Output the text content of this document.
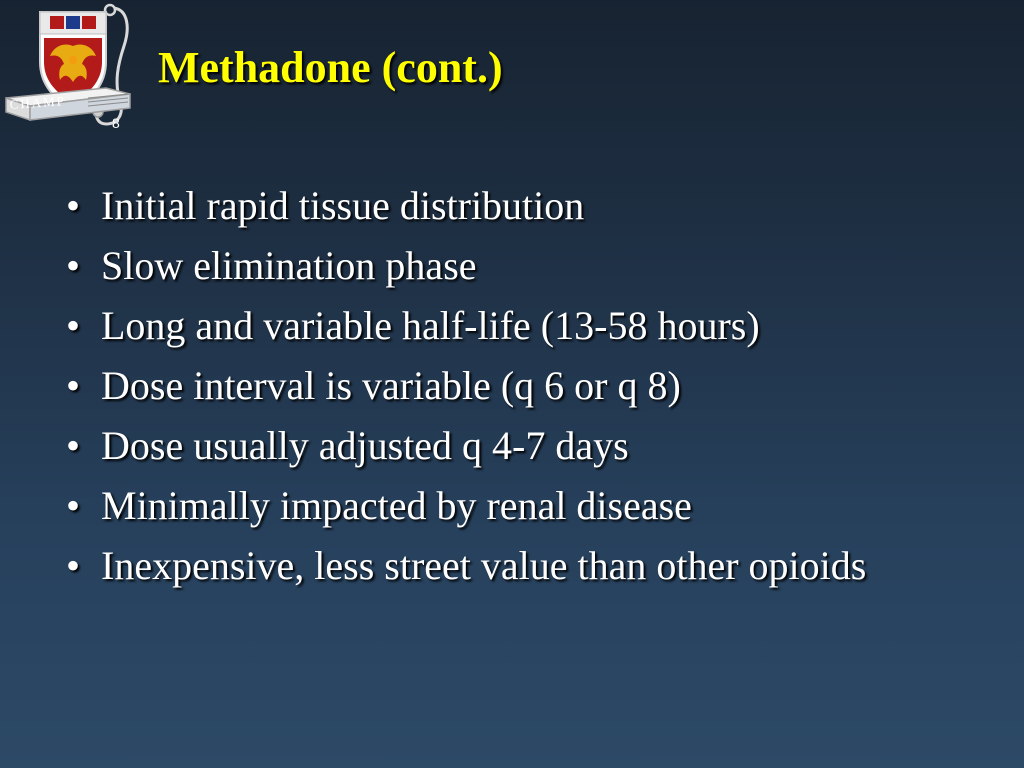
CHAMP
8
Methadone (cont.)
• Initial rapid tissue distribution
• Slow elimination phase
• Long and variable half-life (13-58 hours)
• Dose interval is variable (q 6 or q 8)
• Dose usually adjusted q 4-7 days
• Minimally impacted by renal disease
• Inexpensive, less street value than other opioids
